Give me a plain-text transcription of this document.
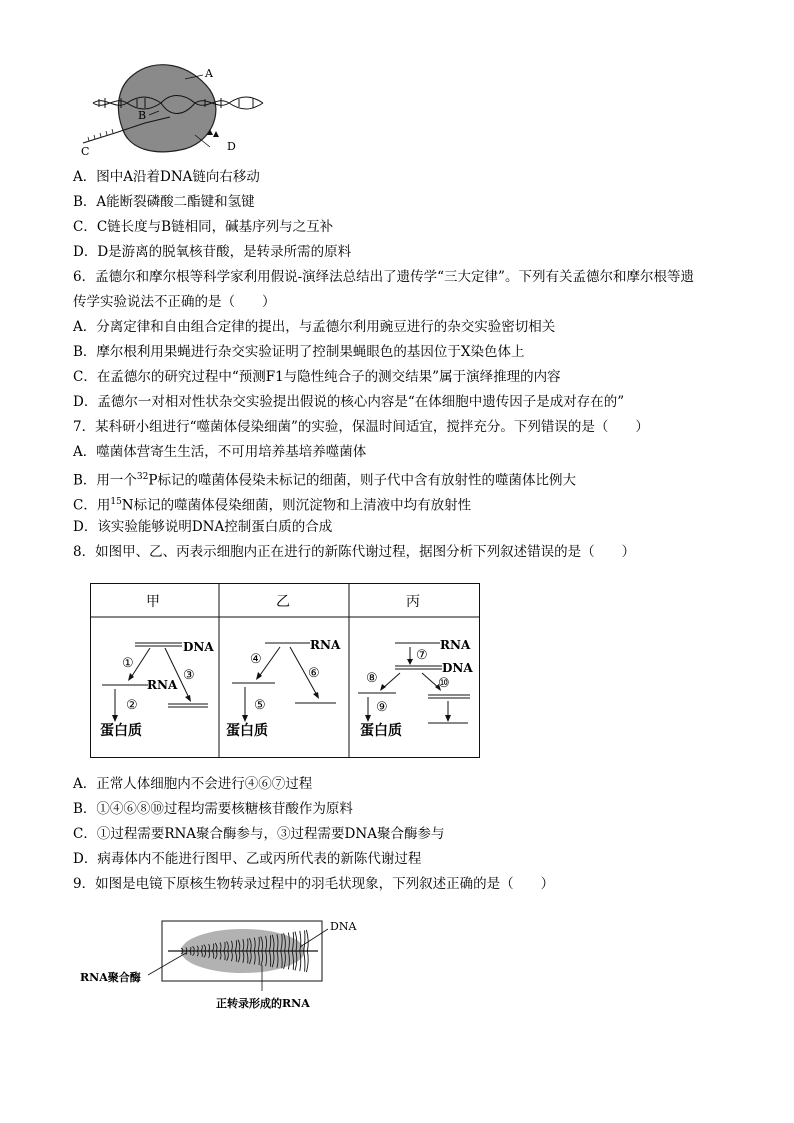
A
B
C	D
A．图中A沿着DNA链向右移动
B．A能断裂磷酸二酯键和氢键
C．C链长度与B链相同，碱基序列与之互补
D．D是游离的脱氧核苷酸，是转录所需的原料
6．孟德尔和摩尔根等科学家利用假说-演绎法总结出了遗传学“三大定律”。下列有关孟德尔和摩尔根等遗
传学实验说法不正确的是（　　）
A．分离定律和自由组合定律的提出，与孟德尔利用豌豆进行的杂交实验密切相关
B．摩尔根利用果蝇进行杂交实验证明了控制果蝇眼色的基因位于X染色体上
C．在孟德尔的研究过程中“预测F1与隐性纯合子的测交结果”属于演绎推理的内容
D．孟德尔一对相对性状杂交实验提出假说的核心内容是“在体细胞中遗传因子是成对存在的”
7．某科研小组进行“噬菌体侵染细菌”的实验，保温时间适宜，搅拌充分。下列错误的是（　　）
A．噬菌体营寄生生活，不可用培养基培养噬菌体
B．用一个$^{32}$P标记的噬菌体侵染未标记的细菌，则子代中含有放射性的噬菌体比例大
C．用$^{15}$N标记的噬菌体侵染细菌，则沉淀物和上清液中均有放射性
D．该实验能够说明DNA控制蛋白质的合成
8．如图甲、乙、丙表示细胞内正在进行的新陈代谢过程，据图分析下列叙述错误的是（　　）
甲	乙	丙
DNA
RNA
①
②
③
蛋白质
RNA
④
⑤
⑥
蛋白质
RNA
DNA
⑦
⑧
⑨
⑩
蛋白质
A．正常人体细胞内不会进行④⑥⑦过程
B．①④⑥⑧⑩过程均需要核糖核苷酸作为原料
C．①过程需要RNA聚合酶参与，③过程需要DNA聚合酶参与
D．病毒体内不能进行图甲、乙或丙所代表的新陈代谢过程
9．如图是电镜下原核生物转录过程中的羽毛状现象，下列叙述正确的是（　　）
DNA
RNA聚合酶
正转录形成的RNA
